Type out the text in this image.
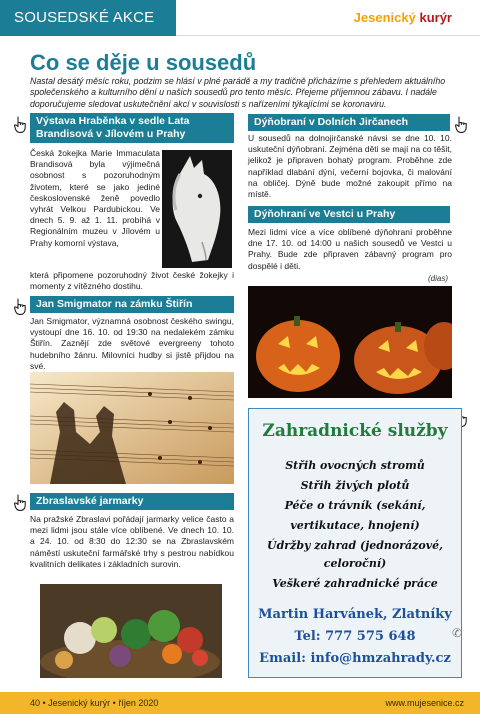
SOUSEDSKÉ AKCE	Jesenický kurýr
Co se děje u sousedů

Nastal desátý měsíc roku, podzim se hlásí v plné parádě a my tradičně přicházíme s přehledem aktuálního společenského a kulturního dění u našich sousedů pro tento měsíc. Přejeme příjemnou zábavu. I nadále doporučujeme sledovat uskutečnění akcí v souvislosti s nařízeními týkajícími se koronaviru.

Výstava Hraběnka v sedle Lata Brandisová v Jílovém u Prahy
Česká žokejka Marie Immaculata Brandisová byla výjimečná osobnost s pozoruhodným životem, které se jako jediné československé ženě povedlo vyhrát Velkou Pardubickou. Ve dnech 5. 9. až 1. 11. probíhá v Regionálním muzeu v Jílovém u Prahy komorní výstava,
která připomene pozoruhodný život české žokejky i momenty z vítězného dostihu.
Jan Smigmator na zámku Štiřín
Jan Smigmator, významná osobnost českého swingu, vystoupí dne 16. 10. od 19:30 na nedalekém zámku Štiřín. Zaznějí zde světové evergreeny tohoto hudebního žánru. Milovníci hudby si jistě přijdou na své.
Zbraslavské jarmarky
Na pražské Zbraslavi pořádají jarmarky velice často a mezi lidmi jsou stále více oblíbené. Ve dnech 10. 10. a 24. 10. od 8:30 do 12:30 se na Zbraslavském náměstí uskuteční farmářské trhy s pestrou nabídkou kvalitních delikates i základních surovin.
Dýňobraní v Dolních Jirčanech
U sousedů na dolnojirčanské návsi se dne 10. 10. uskuteční dýňobraní. Zejména děti se mají na co těšit, jelikož je připraven bohatý program. Proběhne zde například dlabání dýní, večerní bojovka, či malování na obličej. Dýně bude možné zakoupit přímo na místě.
Dýňohraní ve Vestci u Prahy
Mezi lidmi více a více oblíbené dýňohraní proběhne dne 17. 10. od 14:00 u našich sousedů ve Vestci u Prahy. Bude zde připraven zábavný program pro dospělé i děti.
(dias)
Zahradnické služby
Střih ovocných stromů
Střih živých plotů
Péče o trávník (sekání,
vertikutace, hnojení)
Údržby zahrad (jednorázové,
celoroční)
Veškeré zahradnické práce
Martin Harvánek, Zlatníky
Tel: 777 575 648
Email: info@hmzahrady.cz
✆
40 • Jesenický kurýr • říjen 2020	www.mujesenice.cz
